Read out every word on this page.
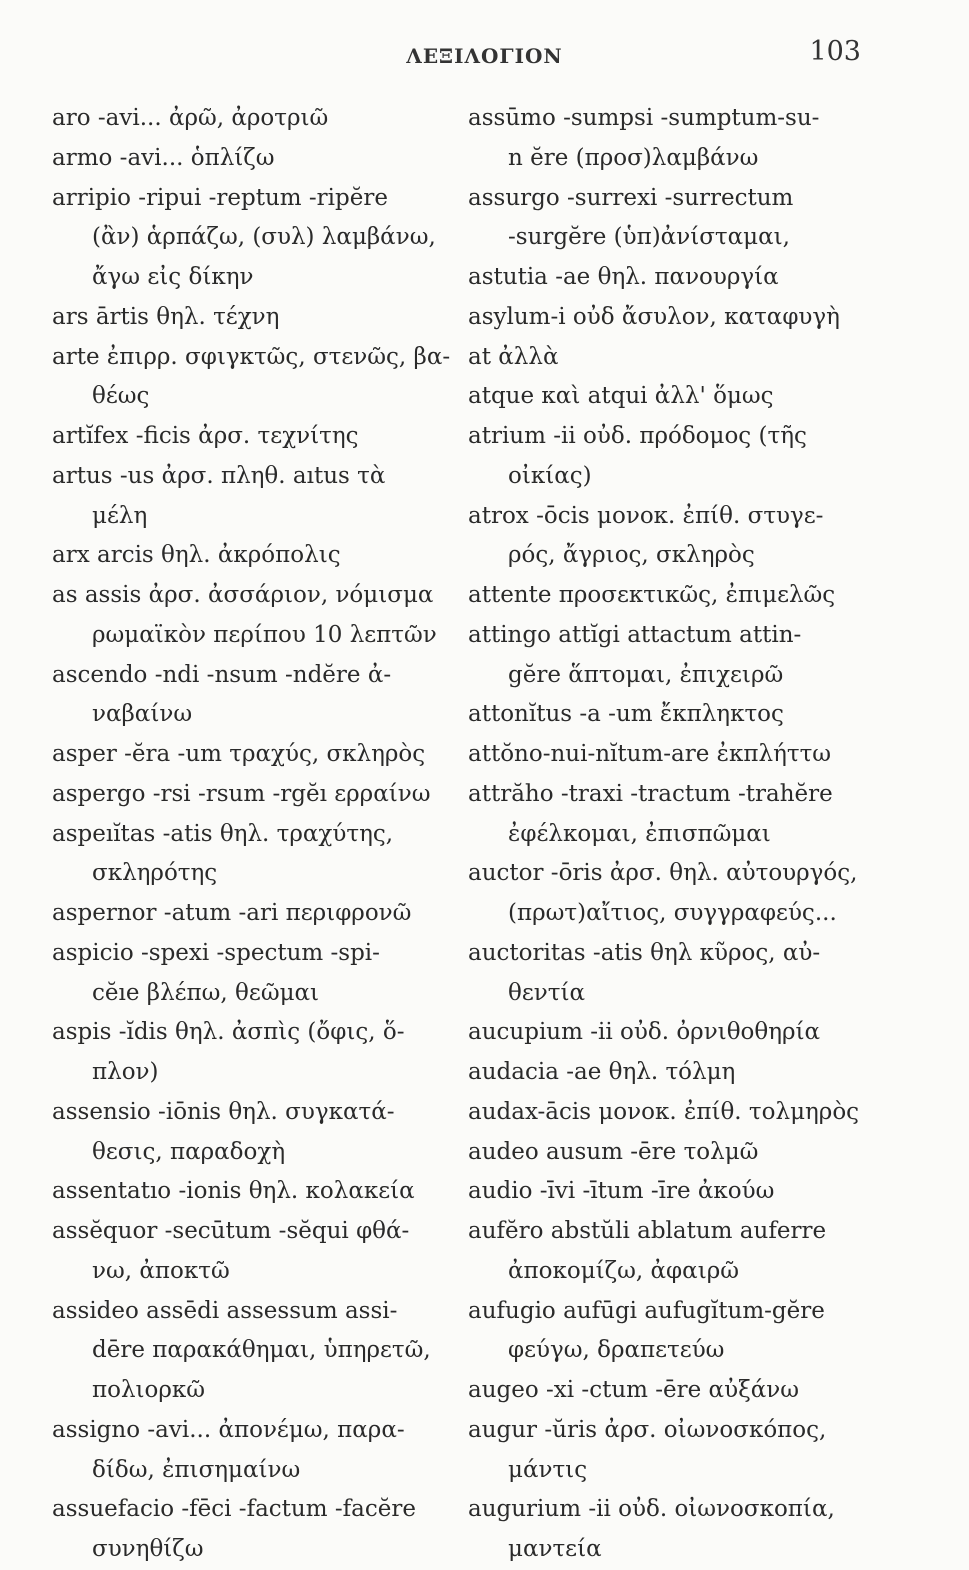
ΛΕΞΙΛΟΓΙΟΝ	103
aro -avi... ἀρῶ, ἀροτριῶ
armo -avi... ὁπλίζω
arripio -ripui -reptum -ripĕre
(ἂν) ἁρπάζω, (συλ) λαμβάνω,
ἄγω εἰς δίκην
ars ārtis θηλ. τέχνη
arte ἐπιρρ. σφιγκτῶς, στενῶς, βα-
θέως
artĭfex -ficis ἀρσ. τεχνίτης
artus -us ἀρσ. πληθ. aıtus τὰ
μέλη
arx arcis θηλ. ἀκρόπολις
as assis ἀρσ. ἀσσάριον, νόμισμα
ρωμαϊκὸν περίπου 10 λεπτῶν
ascendo -ndi -nsum -ndĕre ἀ-
ναβαίνω
asper -ĕra -um τραχύς, σκληρὸς
aspergo -rsi -rsum -rgĕı ερραίνω
aspeıĭtas -atis θηλ. τραχύτης,
σκληρότης
aspernor -atum -ari περιφρονῶ
aspicio -spexi -spectum -spi-
cĕıe βλέπω, θεῶμαι
aspis -ĭdis θηλ. ἀσπὶς (ὄφις, ὅ-
πλον)
assensio -iōnis θηλ. συγκατά-
θεσις, παραδοχὴ
assentatıo -ionis θηλ. κολακεία
assĕquor -secūtum -sĕqui φθά-
νω, ἀποκτῶ
assideo assēdi assessum assi-
dēre παρακάθημαι, ὑπηρετῶ,
πολιορκῶ
assigno -avi... ἀπονέμω, παρα-
δίδω, ἐπισημαίνω
assuefacio -fēci -factum -facĕre
συνηθίζω
assūmo -sumpsi -sumptum-su-
n ĕre (προσ)λαμβάνω
assurgo -surrexi -surrectum
-surgĕre (ὑπ)ἀνίσταμαι,
astutia -ae θηλ. πανουργία
asylum-i οὐδ ἄσυλον, καταφυγὴ
at ἀλλὰ
atque καὶ atqui ἀλλ' ὅμως
atrium -ii οὐδ. πρόδομος (τῆς
οἰκίας)
atrox -ōcis μονοκ. ἐπίθ. στυγε-
ρός, ἄγριος, σκληρὸς
attente προσεκτικῶς, ἐπιμελῶς
attingo attĭgi attactum attin-
gĕre ἅπτομαι, ἐπιχειρῶ
attonĭtus -a -um ἔκπληκτος
attŏno-nui-nĭtum-are ἐκπλήττω
attrăho -traxi -tractum -trahĕre
ἐφέλκομαι, ἐπισπῶμαι
auctor -ōris ἀρσ. θηλ. αὐτουργός,
(πρωτ)αἴτιος, συγγραφεύς...
auctoritas -atis θηλ κῦρος, αὐ-
θεντία
aucupium -ii οὐδ. ὀρνιθοθηρία
audacia -ae θηλ. τόλμη
audax-ācis μονοκ. ἐπίθ. τολμηρὸς
audeo ausum -ēre τολμῶ
audio -īvi -ītum -īre ἀκούω
aufĕro abstŭli ablatum auferre
ἀποκομίζω, ἀφαιρῶ
aufugio aufūgi aufugĭtum-gĕre
φεύγω, δραπετεύω
augeo -xi -ctum -ēre αὐξάνω
augur -ŭris ἀρσ. οἰωνοσκόπος,
μάντις
augurium -ii οὐδ. οἰωνοσκοπία,
μαντεία
